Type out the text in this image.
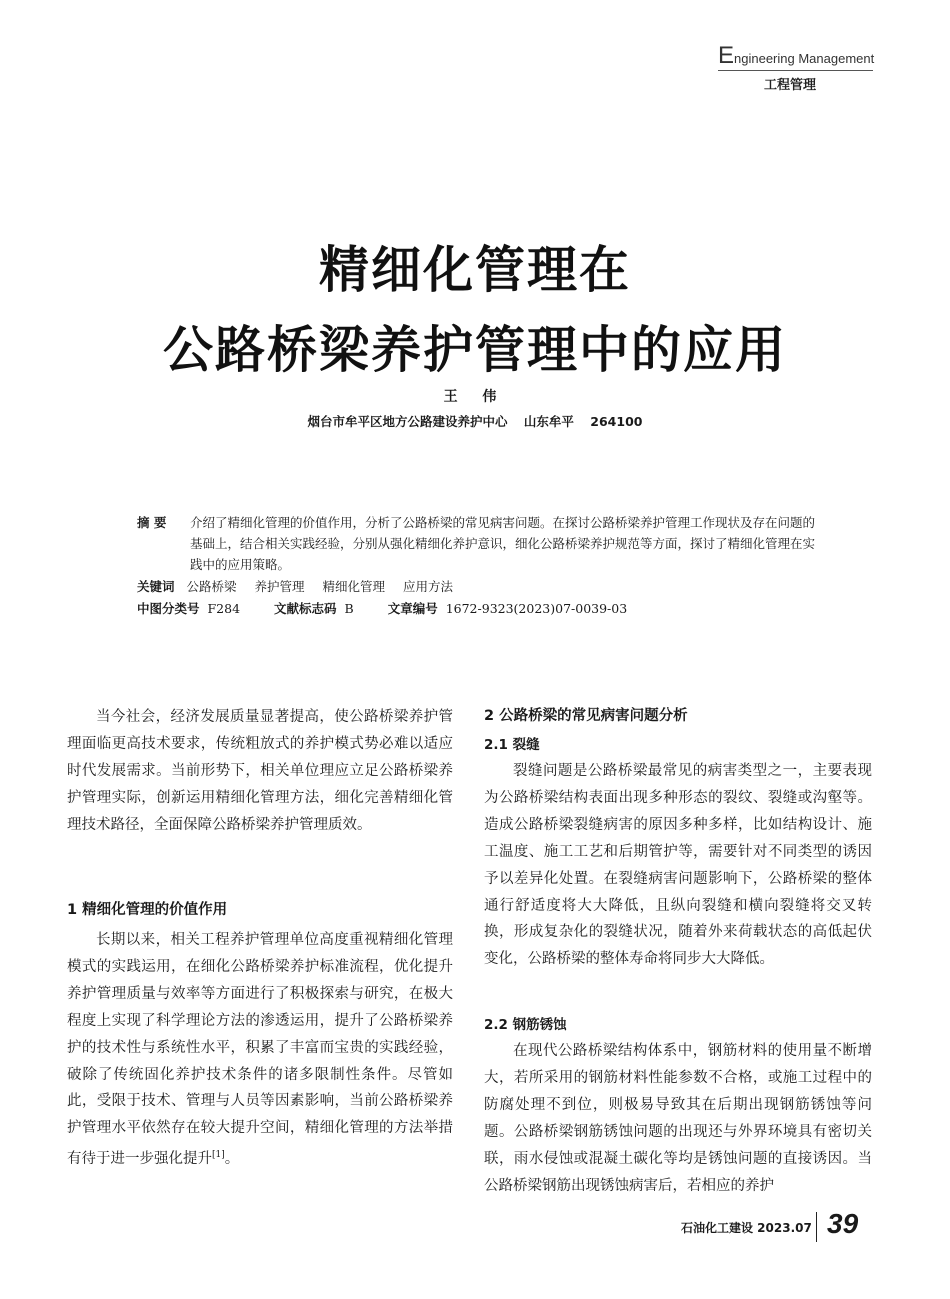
Engineering Management
工程管理
精细化管理在
公路桥梁养护管理中的应用
王 伟
烟台市牟平区地方公路建设养护中心 山东牟平 264100
摘 要 介绍了精细化管理的价值作用，分析了公路桥梁的常见病害问题。在探讨公路桥梁养护管理工作现状及存在问题的基础上，结合相关实践经验，分别从强化精细化养护意识，细化公路桥梁养护规范等方面，探讨了精细化管理在实践中的应用策略。
关键词 公路桥梁 养护管理 精细化管理 应用方法
中图分类号 F284	文献标志码 B	文章编号 1672-9323(2023)07-0039-03

当今社会，经济发展质量显著提高，使公路桥梁养护管理面临更高技术要求，传统粗放式的养护模式势必难以适应时代发展需求。当前形势下，相关单位理应立足公路桥梁养护管理实际，创新运用精细化管理方法，细化完善精细化管理技术路径，全面保障公路桥梁养护管理质效。

1 精细化管理的价值作用

长期以来，相关工程养护管理单位高度重视精细化管理模式的实践运用，在细化公路桥梁养护标准流程，优化提升养护管理质量与效率等方面进行了积极探索与研究，在极大程度上实现了科学理论方法的渗透运用，提升了公路桥梁养护的技术性与系统性水平，积累了丰富而宝贵的实践经验，破除了传统固化养护技术条件的诸多限制性条件。尽管如此，受限于技术、管理与人员等因素影响，当前公路桥梁养护管理水平依然存在较大提升空间，精细化管理的方法举措有待于进一步强化提升[1]。

2 公路桥梁的常见病害问题分析
2.1 裂缝

裂缝问题是公路桥梁最常见的病害类型之一，主要表现为公路桥梁结构表面出现多种形态的裂纹、裂缝或沟壑等。造成公路桥梁裂缝病害的原因多种多样，比如结构设计、施工温度、施工工艺和后期管护等，需要针对不同类型的诱因予以差异化处置。在裂缝病害问题影响下，公路桥梁的整体通行舒适度将大大降低，且纵向裂缝和横向裂缝将交叉转换，形成复杂化的裂缝状况，随着外来荷载状态的高低起伏变化，公路桥梁的整体寿命将同步大大降低。

2.2 钢筋锈蚀

在现代公路桥梁结构体系中，钢筋材料的使用量不断增大，若所采用的钢筋材料性能参数不合格，或施工过程中的防腐处理不到位，则极易导致其在后期出现钢筋锈蚀等问题。公路桥梁钢筋锈蚀问题的出现还与外界环境具有密切关联，雨水侵蚀或混凝土碳化等均是锈蚀问题的直接诱因。当公路桥梁钢筋出现锈蚀病害后，若相应的养护

石油化工建设 2023.07 39
